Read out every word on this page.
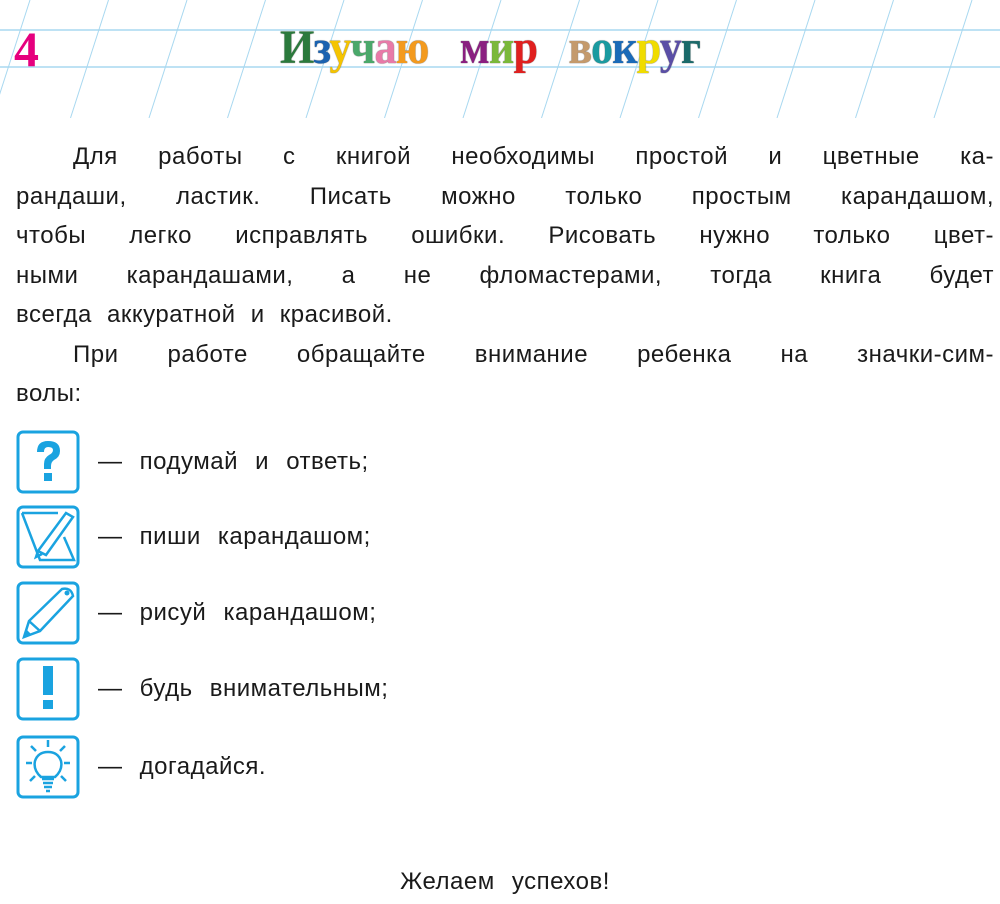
4	Изучаю мир вокруг
Для работы с книгой необходимы простой и цветные ка-
рандаши, ластик. Писать можно только простым карандашом,
чтобы легко исправлять ошибки. Рисовать нужно только цвет-
ными карандашами, а не фломастерами, тогда книга будет
всегда аккуратной и красивой.
При работе обращайте внимание ребенка на значки-сим-
волы:
— подумай и ответь;
— пиши карандашом;
— рисуй карандашом;
— будь внимательным;
— догадайся.
Желаем успехов!
